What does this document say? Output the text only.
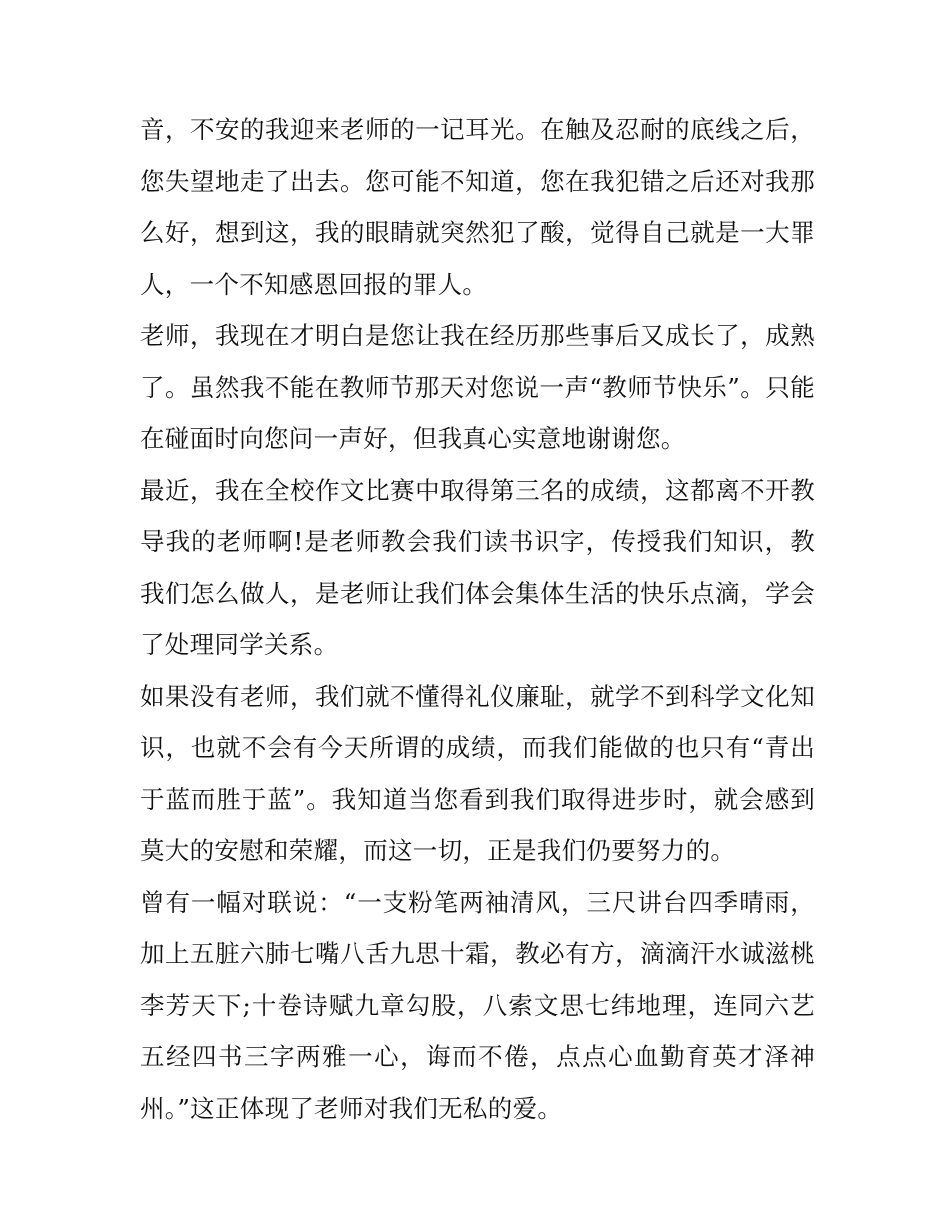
音，不安的我迎来老师的一记耳光。在触及忍耐的底线之后，您失望地走了出去。您可能不知道，您在我犯错之后还对我那么好，想到这，我的眼睛就突然犯了酸，觉得自己就是一大罪人，一个不知感恩回报的罪人。

老师，我现在才明白是您让我在经历那些事后又成长了，成熟了。虽然我不能在教师节那天对您说一声“教师节快乐”。只能在碰面时向您问一声好，但我真心实意地谢谢您。

最近，我在全校作文比赛中取得第三名的成绩，这都离不开教导我的老师啊!是老师教会我们读书识字，传授我们知识，教我们怎么做人，是老师让我们体会集体生活的快乐点滴，学会了处理同学关系。

如果没有老师，我们就不懂得礼仪廉耻，就学不到科学文化知识，也就不会有今天所谓的成绩，而我们能做的也只有“青出于蓝而胜于蓝”。我知道当您看到我们取得进步时，就会感到莫大的安慰和荣耀，而这一切，正是我们仍要努力的。

曾有一幅对联说：“一支粉笔两袖清风，三尺讲台四季晴雨，加上五脏六肺七嘴八舌九思十霜，教必有方，滴滴汗水诚滋桃李芳天下;十卷诗赋九章勾股，八索文思七纬地理，连同六艺五经四书三字两雅一心，诲而不倦，点点心血勤育英才泽神州。”这正体现了老师对我们无私的爱。
